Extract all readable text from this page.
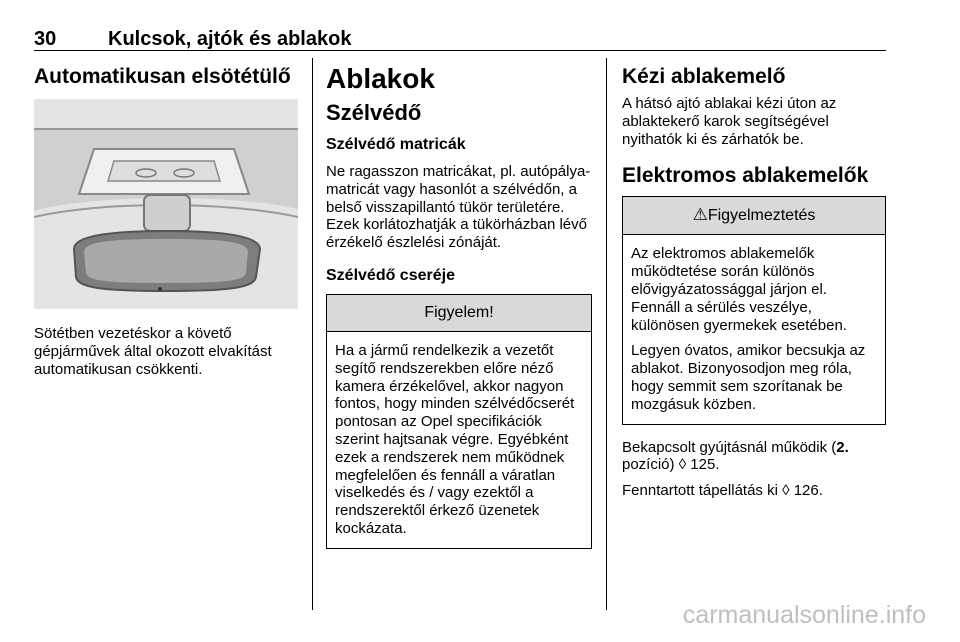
30	Kulcsok, ajtók és ablakok
Automatikusan elsötétülő

Sötétben vezetéskor a követő gépjárművek által okozott elvakítást automatikusan csökkenti.

Ablakok
Szélvédő
Szélvédő matricák

Ne ragasszon matricákat, pl. autópálya-matricát vagy hasonlót a szélvédőn, a belső visszapillantó tükör területére. Ezek korlátozhatják a tükörházban lévő érzékelő észlelési zónáját.

Szélvédő cseréje
Figyelem!

Ha a jármű rendelkezik a vezetőt segítő rendszerekben előre néző kamera érzékelővel, akkor nagyon fontos, hogy minden szélvédőcserét pontosan az Opel specifikációk szerint hajtsanak végre. Egyébként ezek a rendszerek nem működnek megfelelően és fennáll a váratlan viselkedés és / vagy ezektől a rendszerektől érkező üzenetek kockázata.

Kézi ablakemelő

A hátsó ajtó ablakai kézi úton az ablaktekerő karok segítségével nyithatók ki és zárhatók be.

Elektromos ablakemelők
⚠Figyelmeztetés

Az elektromos ablakemelők működtetése során különös elővigyázatossággal járjon el. Fennáll a sérülés veszélye, különösen gyermekek esetében.

Legyen óvatos, amikor becsukja az ablakot. Bizonyosodjon meg róla, hogy semmit sem szorítanak be mozgásuk közben.

Bekapcsolt gyújtásnál működik (2. pozíció) ◊ 125.

Fenntartott tápellátás ki ◊ 126.

carmanualsonline.info
